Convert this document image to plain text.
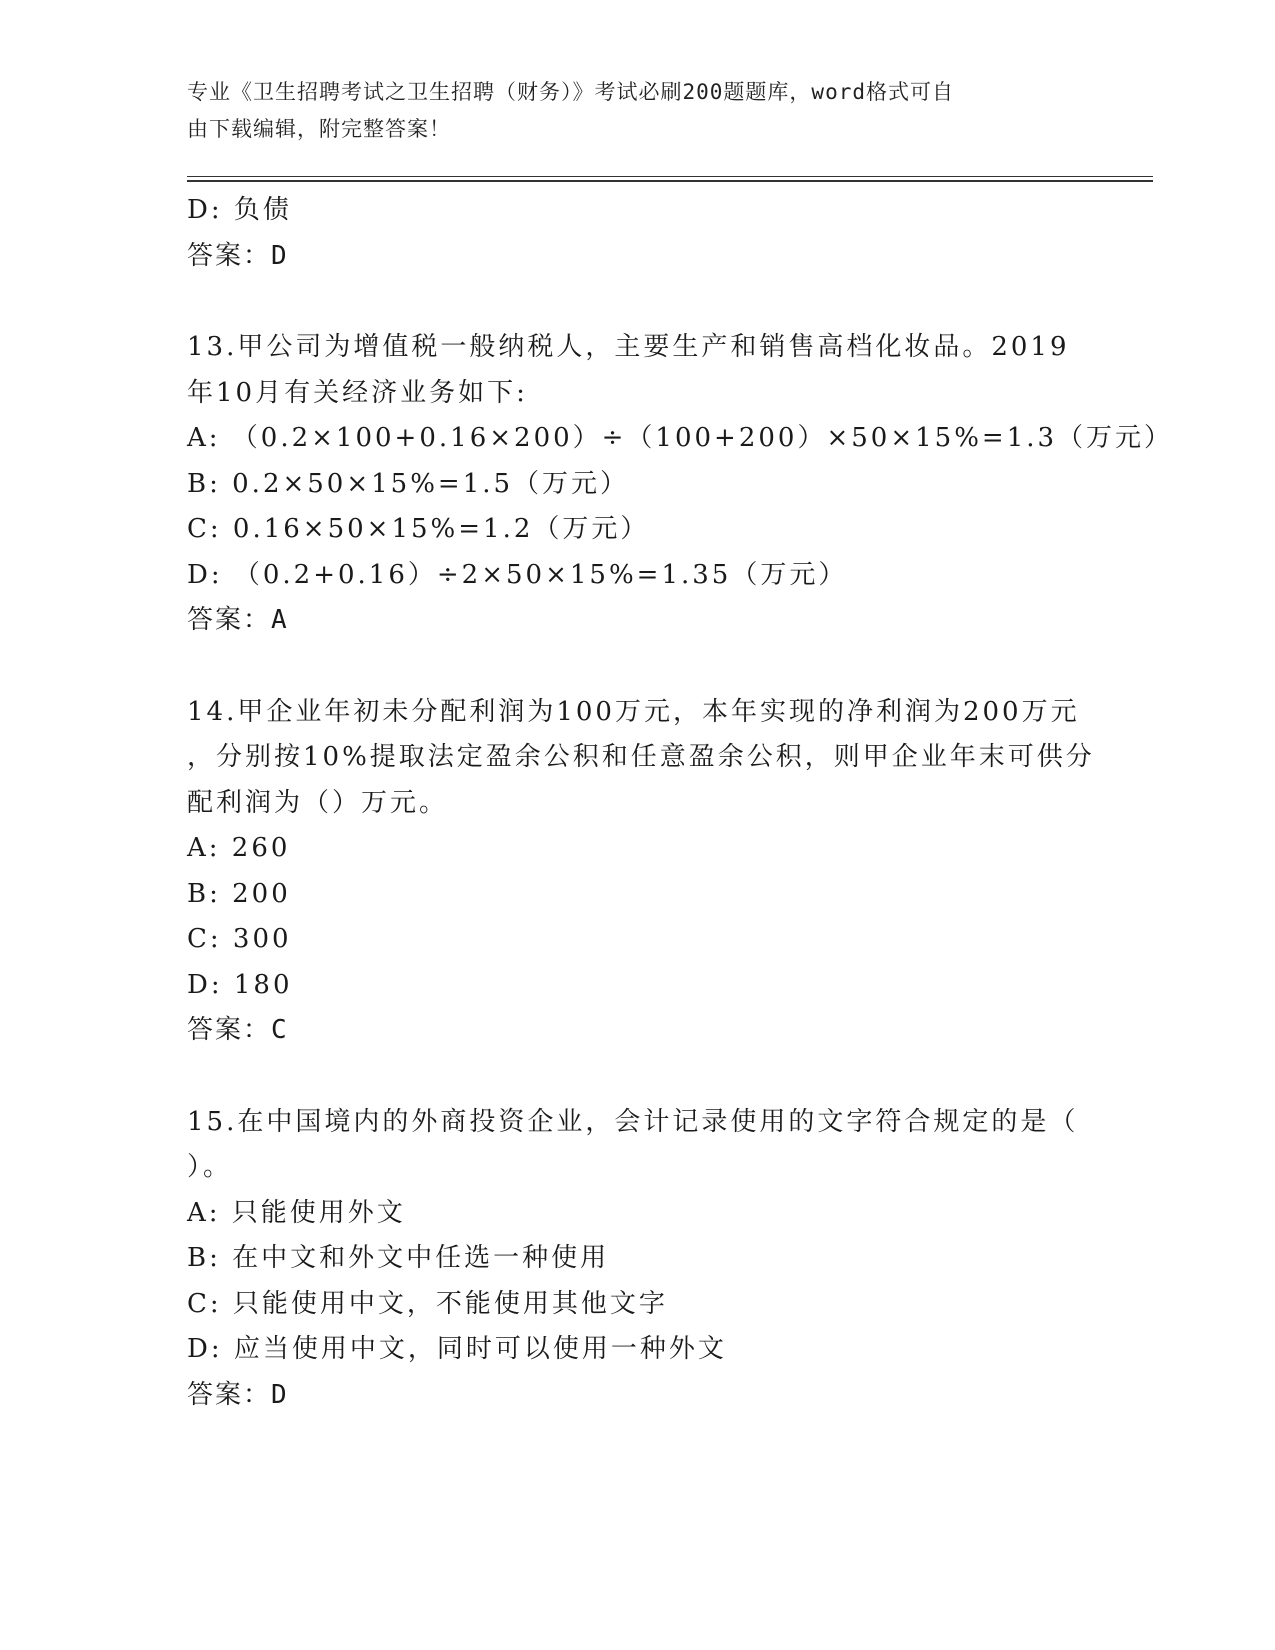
专业《卫生招聘考试之卫生招聘（财务）》考试必刷200题题库，word格式可自
由下载编辑，附完整答案！
D: 负债
答案：D
13.甲公司为增值税一般纳税人，主要生产和销售高档化妆品。2019
年10月有关经济业务如下:
A: （0.2×100+0.16×200）÷（100+200）×50×15%=1.3（万元）
B: 0.2×50×15%=1.5（万元）
C: 0.16×50×15%=1.2（万元）
D: （0.2+0.16）÷2×50×15%=1.35（万元）
答案：A
14.甲企业年初未分配利润为100万元，本年实现的净利润为200万元
，分别按10%提取法定盈余公积和任意盈余公积，则甲企业年末可供分
配利润为（）万元。
A: 260
B: 200
C: 300
D: 180
答案：C
15.在中国境内的外商投资企业，会计记录使用的文字符合规定的是（
）。
A: 只能使用外文
B: 在中文和外文中任选一种使用
C: 只能使用中文，不能使用其他文字
D: 应当使用中文，同时可以使用一种外文
答案：D
